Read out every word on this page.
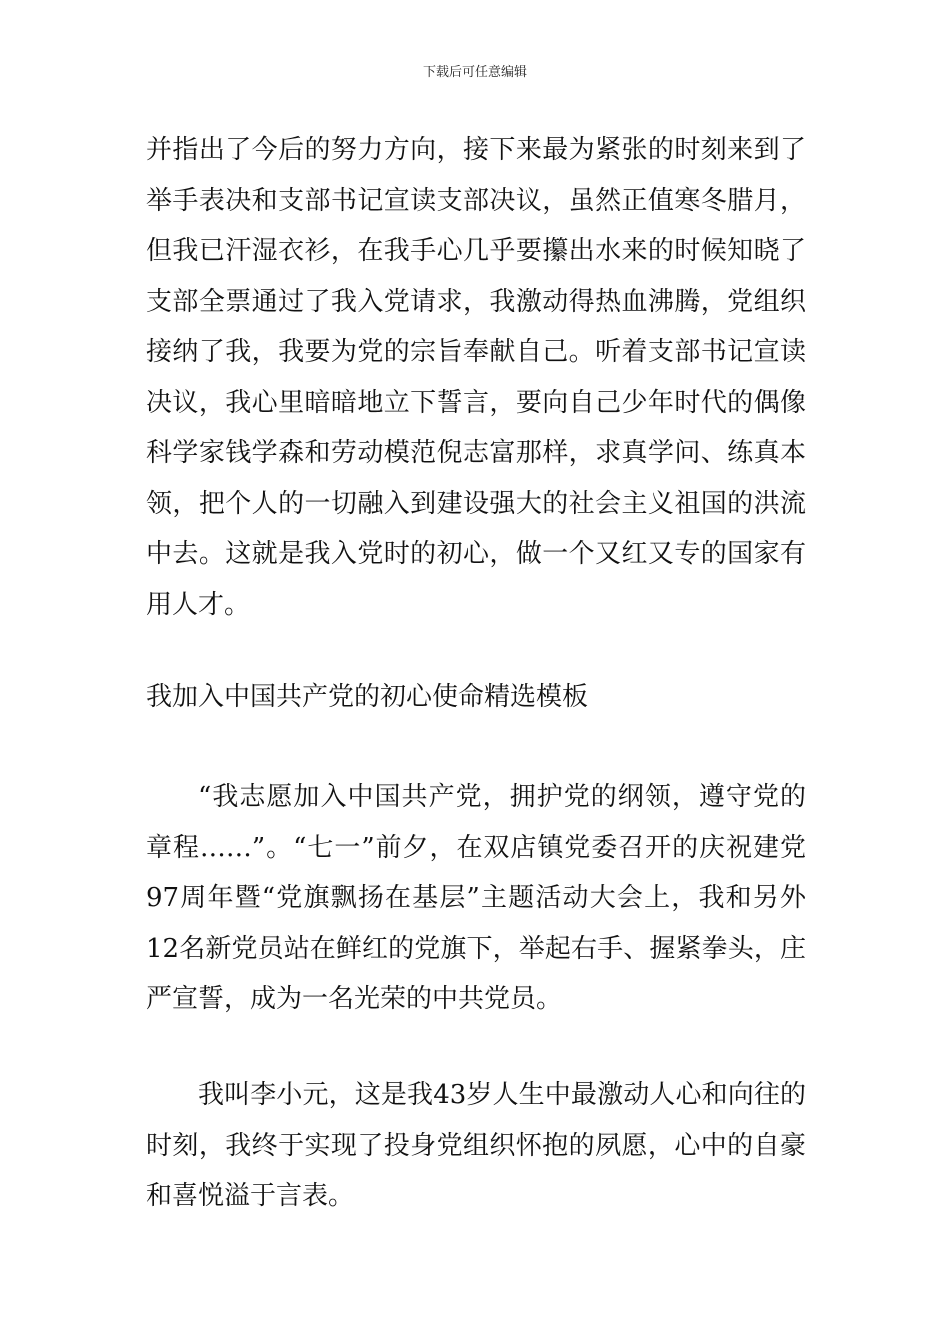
下载后可任意编辑

并指出了今后的努力方向，接下来最为紧张的时刻来到了举手表决和支部书记宣读支部决议，虽然正值寒冬腊月，但我已汗湿衣衫，在我手心几乎要攥出水来的时候知晓了支部全票通过了我入党请求，我激动得热血沸腾，党组织接纳了我，我要为党的宗旨奉献自己。听着支部书记宣读决议，我心里暗暗地立下誓言，要向自己少年时代的偶像科学家钱学森和劳动模范倪志富那样，求真学问、练真本领，把个人的一切融入到建设强大的社会主义祖国的洪流中去。这就是我入党时的初心，做一个又红又专的国家有用人才。

我加入中国共产党的初心使命精选模板

“我志愿加入中国共产党，拥护党的纲领，遵守党的章程……”。“七一”前夕，在双店镇党委召开的庆祝建党97周年暨“党旗飘扬在基层”主题活动大会上，我和另外12名新党员站在鲜红的党旗下，举起右手、握紧拳头，庄严宣誓，成为一名光荣的中共党员。

我叫李小元，这是我43岁人生中最激动人心和向往的时刻，我终于实现了投身党组织怀抱的夙愿，心中的自豪和喜悦溢于言表。
